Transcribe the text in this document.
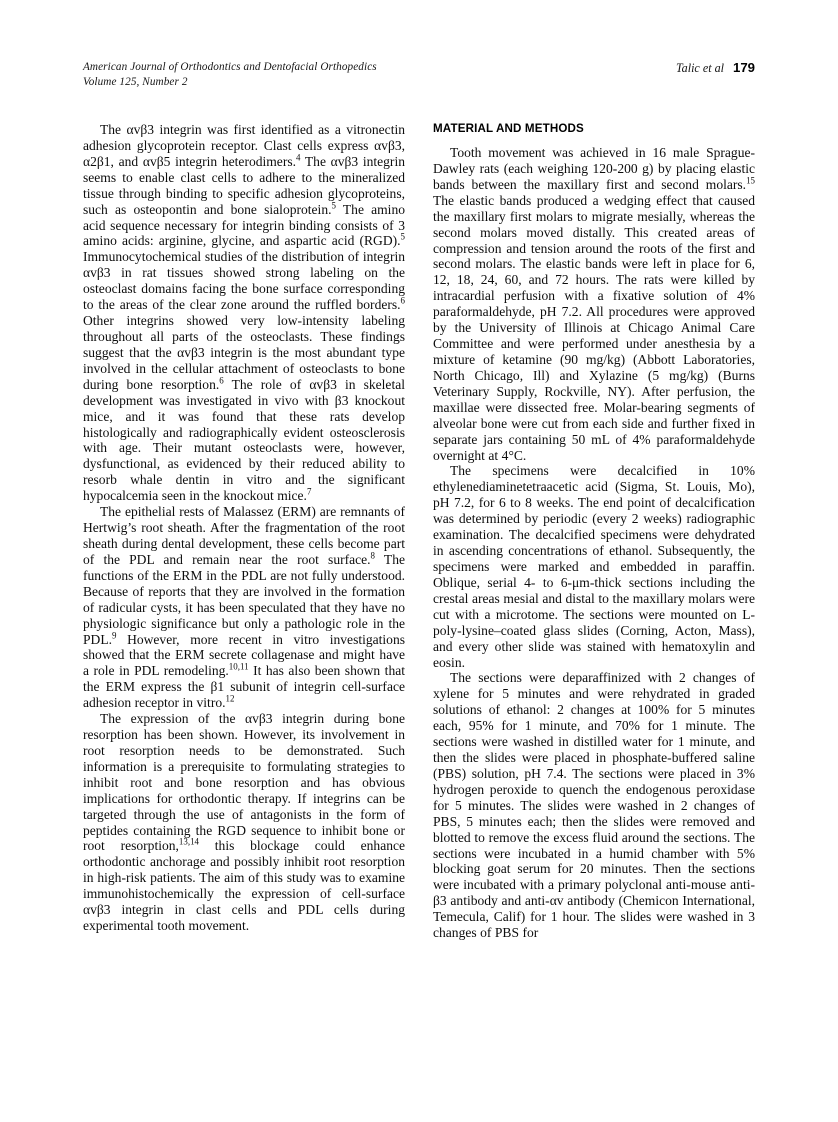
American Journal of Orthodontics and Dentofacial Orthopedics
Volume 125, Number 2
Talic et al 179

The αvβ3 integrin was first identified as a vitronectin adhesion glycoprotein receptor. Clast cells express αvβ3, α2β1, and αvβ5 integrin heterodimers.$^4$ The αvβ3 integrin seems to enable clast cells to adhere to the mineralized tissue through binding to specific adhesion glycoproteins, such as osteopontin and bone sialoprotein.$^5$ The amino acid sequence necessary for integrin binding consists of 3 amino acids: arginine, glycine, and aspartic acid (RGD).$^5$ Immunocytochemical studies of the distribution of integrin αvβ3 in rat tissues showed strong labeling on the osteoclast domains facing the bone surface corresponding to the areas of the clear zone around the ruffled borders.$^6$ Other integrins showed very low-intensity labeling throughout all parts of the osteoclasts. These findings suggest that the αvβ3 integrin is the most abundant type involved in the cellular attachment of osteoclasts to bone during bone resorption.$^6$ The role of αvβ3 in skeletal development was investigated in vivo with β3 knockout mice, and it was found that these rats develop histologically and radiographically evident osteosclerosis with age. Their mutant osteoclasts were, however, dysfunctional, as evidenced by their reduced ability to resorb whale dentin in vitro and the significant hypocalcemia seen in the knockout mice.$^7$

The epithelial rests of Malassez (ERM) are remnants of Hertwig’s root sheath. After the fragmentation of the root sheath during dental development, these cells become part of the PDL and remain near the root surface.$^8$ The functions of the ERM in the PDL are not fully understood. Because of reports that they are involved in the formation of radicular cysts, it has been speculated that they have no physiologic significance but only a pathologic role in the PDL.$^9$ However, more recent in vitro investigations showed that the ERM secrete collagenase and might have a role in PDL remodeling.$^{10,11}$ It has also been shown that the ERM express the β1 subunit of integrin cell-surface adhesion receptor in vitro.$^{12}$

The expression of the αvβ3 integrin during bone resorption has been shown. However, its involvement in root resorption needs to be demonstrated. Such information is a prerequisite to formulating strategies to inhibit root and bone resorption and has obvious implications for orthodontic therapy. If integrins can be targeted through the use of antagonists in the form of peptides containing the RGD sequence to inhibit bone or root resorption,$^{13,14}$ this blockage could enhance orthodontic anchorage and possibly inhibit root resorption in high-risk patients. The aim of this study was to examine immunohistochemically the expression of cell-surface αvβ3 integrin in clast cells and PDL cells during experimental tooth movement.

MATERIAL AND METHODS

Tooth movement was achieved in 16 male Sprague-Dawley rats (each weighing 120-200 g) by placing elastic bands between the maxillary first and second molars.$^{15}$ The elastic bands produced a wedging effect that caused the maxillary first molars to migrate mesially, whereas the second molars moved distally. This created areas of compression and tension around the roots of the first and second molars. The elastic bands were left in place for 6, 12, 18, 24, 60, and 72 hours. The rats were killed by intracardial perfusion with a fixative solution of 4% paraformaldehyde, pH 7.2. All procedures were approved by the University of Illinois at Chicago Animal Care Committee and were performed under anesthesia by a mixture of ketamine (90 mg/kg) (Abbott Laboratories, North Chicago, Ill) and Xylazine (5 mg/kg) (Burns Veterinary Supply, Rockville, NY). After perfusion, the maxillae were dissected free. Molar-bearing segments of alveolar bone were cut from each side and further fixed in separate jars containing 50 mL of 4% paraformaldehyde overnight at 4°C.

The specimens were decalcified in 10% ethylenediaminetetraacetic acid (Sigma, St. Louis, Mo), pH 7.2, for 6 to 8 weeks. The end point of decalcification was determined by periodic (every 2 weeks) radiographic examination. The decalcified specimens were dehydrated in ascending concentrations of ethanol. Subsequently, the specimens were marked and embedded in paraffin. Oblique, serial 4- to 6-μm-thick sections including the crestal areas mesial and distal to the maxillary molars were cut with a microtome. The sections were mounted on L-poly-lysine–coated glass slides (Corning, Acton, Mass), and every other slide was stained with hematoxylin and eosin.

The sections were deparaffinized with 2 changes of xylene for 5 minutes and were rehydrated in graded solutions of ethanol: 2 changes at 100% for 5 minutes each, 95% for 1 minute, and 70% for 1 minute. The sections were washed in distilled water for 1 minute, and then the slides were placed in phosphate-buffered saline (PBS) solution, pH 7.4. The sections were placed in 3% hydrogen peroxide to quench the endogenous peroxidase for 5 minutes. The slides were washed in 2 changes of PBS, 5 minutes each; then the slides were removed and blotted to remove the excess fluid around the sections. The sections were incubated in a humid chamber with 5% blocking goat serum for 20 minutes. Then the sections were incubated with a primary polyclonal anti-mouse anti-β3 antibody and anti-αv antibody (Chemicon International, Temecula, Calif) for 1 hour. The slides were washed in 3 changes of PBS for
